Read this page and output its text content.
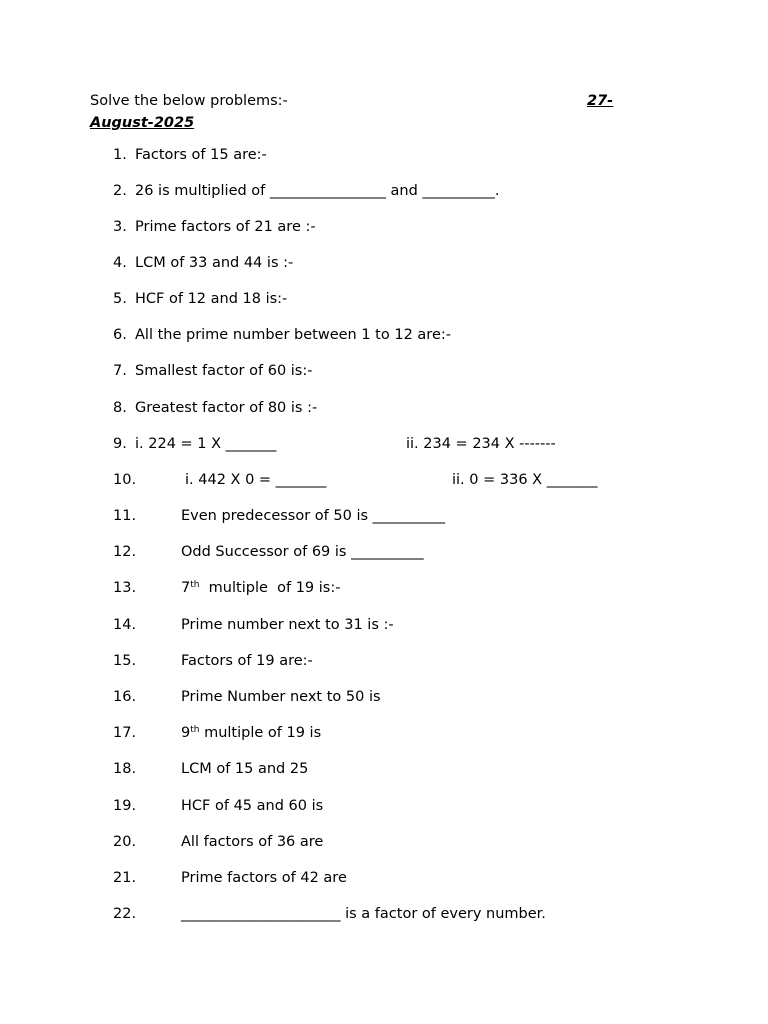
Solve the below problems:-	27-
August-2025
1. Factors of 15 are:-
2. 26 is multiplied of ________________ and __________.
3. Prime factors of 21 are :-
4. LCM of 33 and 44 is :-
5. HCF of 12 and 18 is:-
6. All the prime number between 1 to 12 are:-
7. Smallest factor of 60 is:-
8. Greatest factor of 80 is :-
9. i. 224 = 1 X _______	ii. 234 = 234 X -------
10.	i. 442 X 0 = _______	ii. 0 = 336 X _______
11.	Even predecessor of 50 is __________
12.	Odd Successor of 69 is __________
13.	7th  multiple  of 19 is:-
14.	Prime number next to 31 is :-
15.	Factors of 19 are:-
16.	Prime Number next to 50 is
17.	9th multiple of 19 is
18.	LCM of 15 and 25
19.	HCF of 45 and 60 is
20.	All factors of 36 are
21.	Prime factors of 42 are
22.	______________________ is a factor of every number.
